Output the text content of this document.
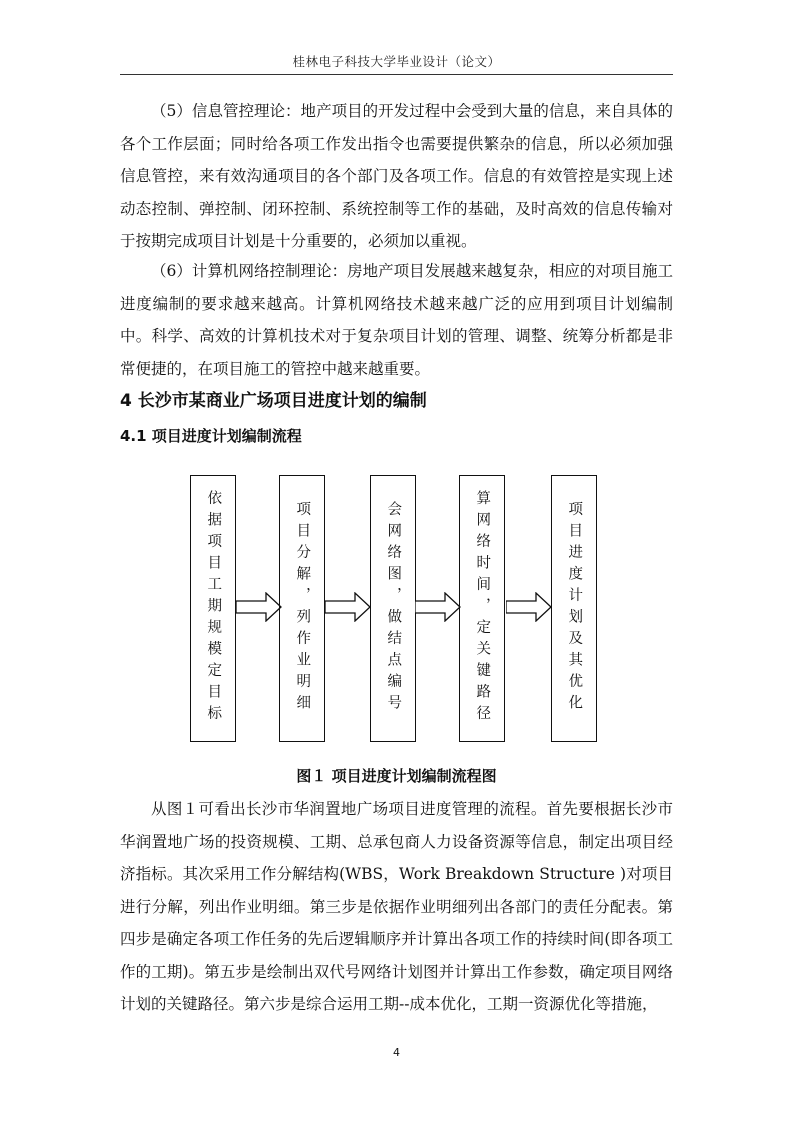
桂林电子科技大学毕业设计（论文）
（5）信息管控理论：地产项目的开发过程中会受到大量的信息，来自具体的各个工作层面；同时给各项工作发出指令也需要提供繁杂的信息，所以必须加强信息管控，来有效沟通项目的各个部门及各项工作。信息的有效管控是实现上述动态控制、弹控制、闭环控制、系统控制等工作的基础，及时高效的信息传输对于按期完成项目计划是十分重要的，必须加以重视。
（6）计算机网络控制理论：房地产项目发展越来越复杂，相应的对项目施工进度编制的要求越来越高。计算机网络技术越来越广泛的应用到项目计划编制中。科学、高效的计算机技术对于复杂项目计划的管理、调整、统筹分析都是非常便捷的，在项目施工的管控中越来越重要。
4 长沙市某商业广场项目进度计划的编制
4.1 项目进度计划编制流程
依据项目工期规模定目标	项目分解，列作业明细	会网络图，做结点编号	算网络时间，定关键路径	项目进度计划及其优化
图１ 项目进度计划编制流程图
从图１可看出长沙市华润置地广场项目进度管理的流程。首先要根据长沙市华润置地广场的投资规模、工期、总承包商人力设备资源等信息，制定出项目经济指标。其次采用工作分解结构(WBS，Work Breakdown Structure )对项目进行分解，列出作业明细。第三步是依据作业明细列出各部门的责任分配表。第四步是确定各项工作任务的先后逻辑顺序并计算出各项工作的持续时间(即各项工作的工期)。第五步是绘制出双代号网络计划图并计算出工作参数，确定项目网络计划的关键路径。第六步是综合运用工期--成本优化，工期一资源优化等措施，
4
